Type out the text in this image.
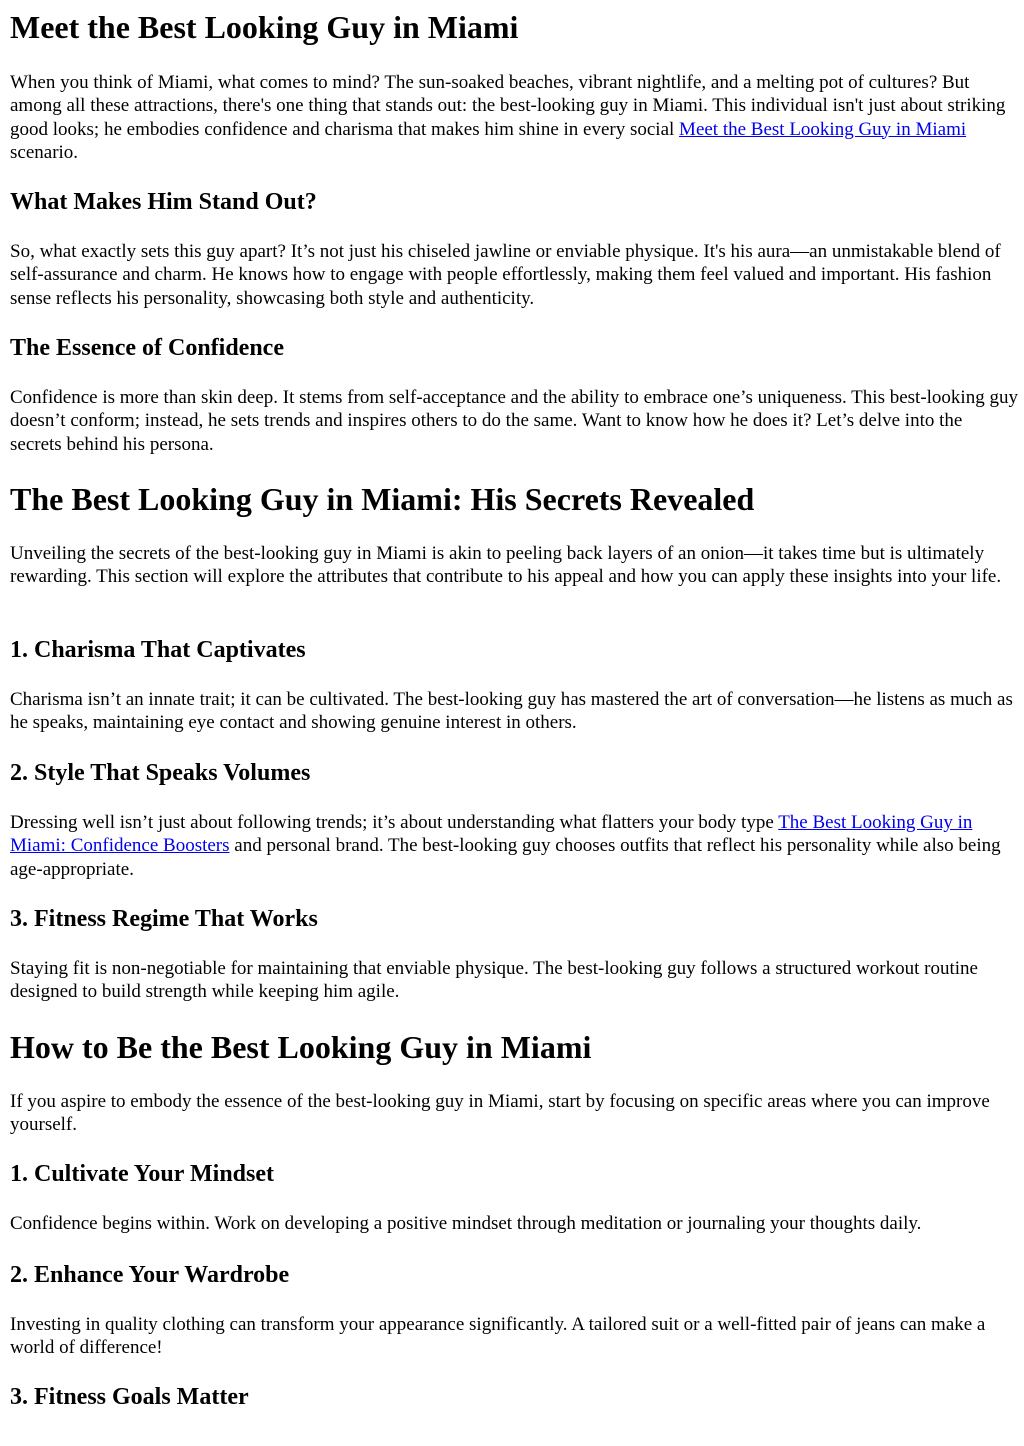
Meet the Best Looking Guy in Miami

When you think of Miami, what comes to mind? The sun-soaked beaches, vibrant nightlife, and a melting pot of cultures? But among all these attractions, there's one thing that stands out: the best-looking guy in Miami. This individual isn't just about striking good looks; he embodies confidence and charisma that makes him shine in every social Meet the Best Looking Guy in Miami scenario.

What Makes Him Stand Out?

So, what exactly sets this guy apart? It’s not just his chiseled jawline or enviable physique. It's his aura—an unmistakable blend of self-assurance and charm. He knows how to engage with people effortlessly, making them feel valued and important. His fashion sense reflects his personality, showcasing both style and authenticity.

The Essence of Confidence

Confidence is more than skin deep. It stems from self-acceptance and the ability to embrace one’s uniqueness. This best-looking guy doesn’t conform; instead, he sets trends and inspires others to do the same. Want to know how he does it? Let’s delve into the secrets behind his persona.

The Best Looking Guy in Miami: His Secrets Revealed

Unveiling the secrets of the best-looking guy in Miami is akin to peeling back layers of an onion—it takes time but is ultimately rewarding. This section will explore the attributes that contribute to his appeal and how you can apply these insights into your life.

1. Charisma That Captivates

Charisma isn’t an innate trait; it can be cultivated. The best-looking guy has mastered the art of conversation—he listens as much as he speaks, maintaining eye contact and showing genuine interest in others.

2. Style That Speaks Volumes

Dressing well isn’t just about following trends; it’s about understanding what flatters your body type The Best Looking Guy in Miami: Confidence Boosters and personal brand. The best-looking guy chooses outfits that reflect his personality while also being age-appropriate.

3. Fitness Regime That Works

Staying fit is non-negotiable for maintaining that enviable physique. The best-looking guy follows a structured workout routine designed to build strength while keeping him agile.

How to Be the Best Looking Guy in Miami

If you aspire to embody the essence of the best-looking guy in Miami, start by focusing on specific areas where you can improve yourself.

1. Cultivate Your Mindset

Confidence begins within. Work on developing a positive mindset through meditation or journaling your thoughts daily.

2. Enhance Your Wardrobe

Investing in quality clothing can transform your appearance significantly. A tailored suit or a well-fitted pair of jeans can make a world of difference!

3. Fitness Goals Matter
